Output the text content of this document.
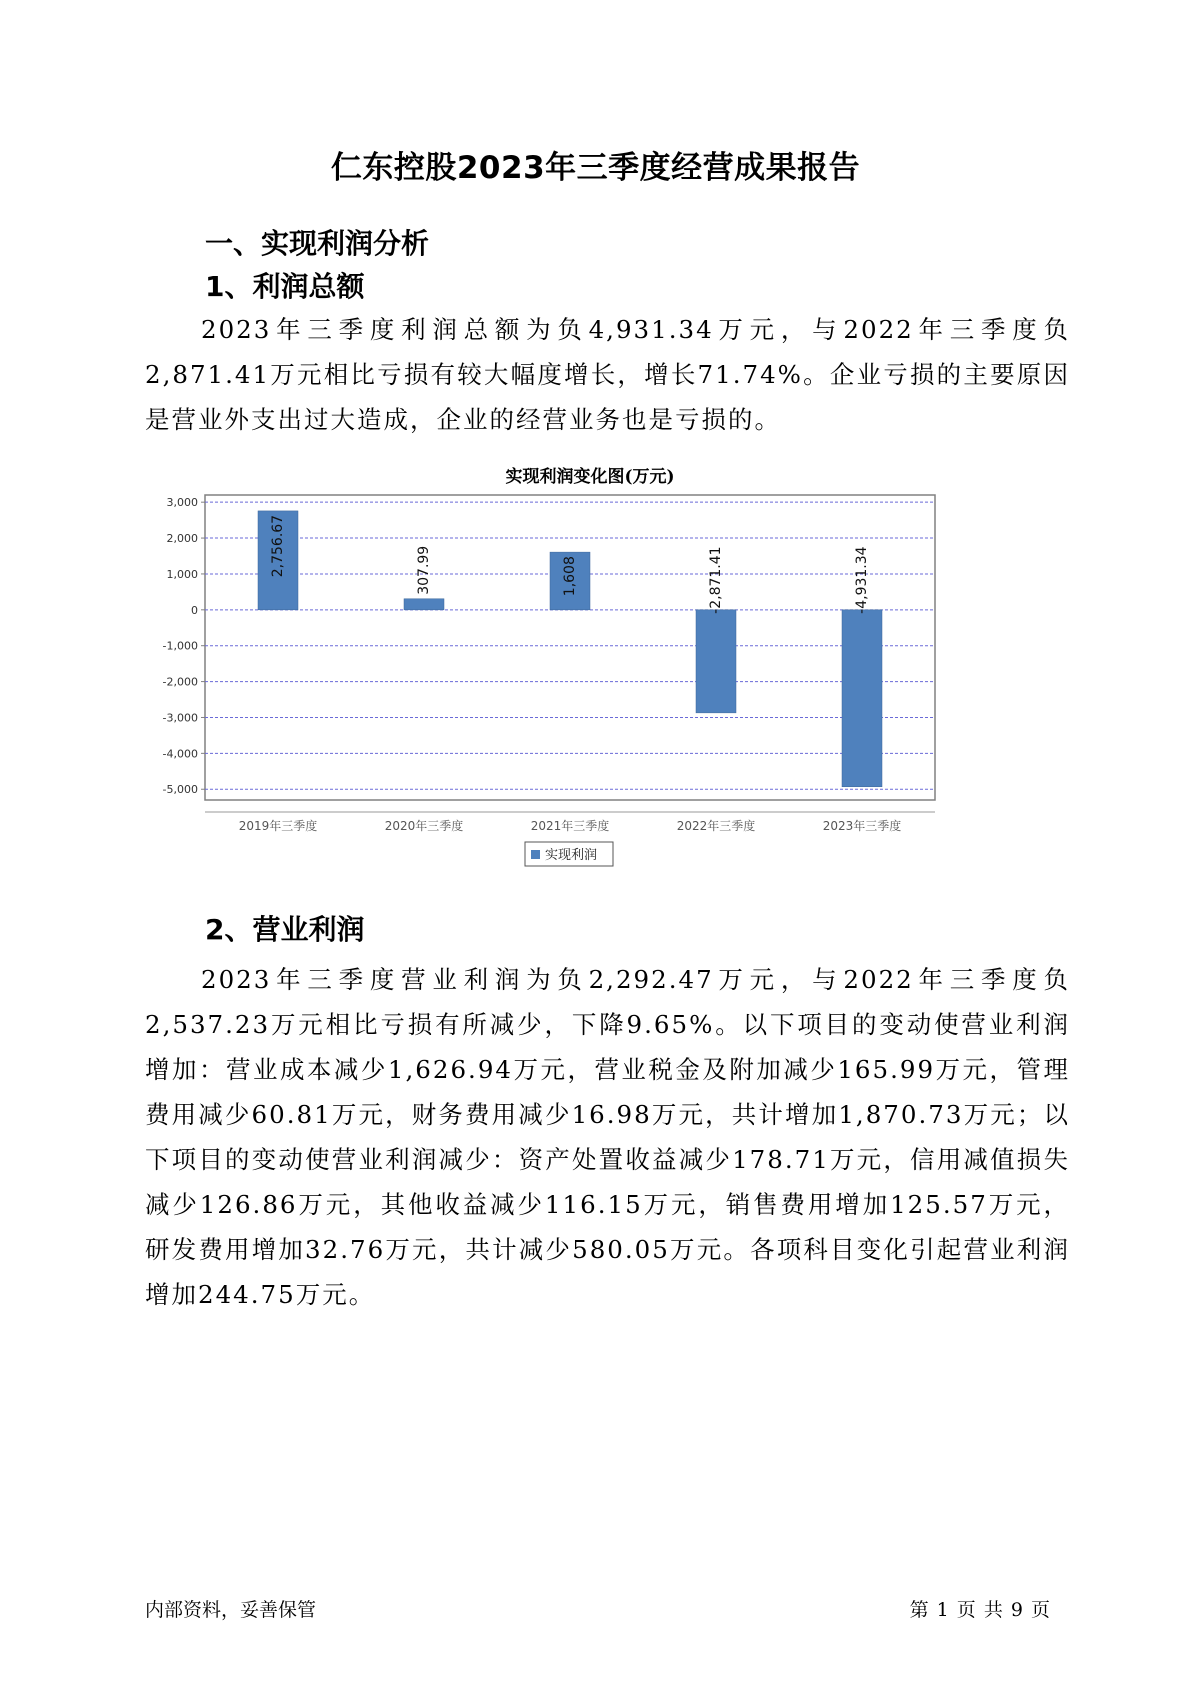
仁东控股2023年三季度经营成果报告
一、实现利润分析
1、利润总额
2023年三季度利润总额为负4,931.34万元，与2022年三季度负2,871.41万元相比亏损有较大幅度增长，增长71.74%。企业亏损的主要原因是营业外支出过大造成，企业的经营业务也是亏损的。
实现利润变化图(万元)
3,000
2,000
1,000
0
-1,000
-2,000
-3,000
-4,000
-5,000
2,756.67
2019年三季度
307.99
2020年三季度
1,608
2021年三季度
-2,871.41
2022年三季度
-4,931.34
2023年三季度
实现利润
2、营业利润
2023年三季度营业利润为负2,292.47万元，与2022年三季度负2,537.23万元相比亏损有所减少，下降9.65%。以下项目的变动使营业利润增加：营业成本减少1,626.94万元，营业税金及附加减少165.99万元，管理费用减少60.81万元，财务费用减少16.98万元，共计增加1,870.73万元；以下项目的变动使营业利润减少：资产处置收益减少178.71万元，信用减值损失减少126.86万元，其他收益减少116.15万元，销售费用增加125.57万元，研发费用增加32.76万元，共计减少580.05万元。各项科目变化引起营业利润增加244.75万元。
内部资料，妥善保管	第 1 页 共 9 页
